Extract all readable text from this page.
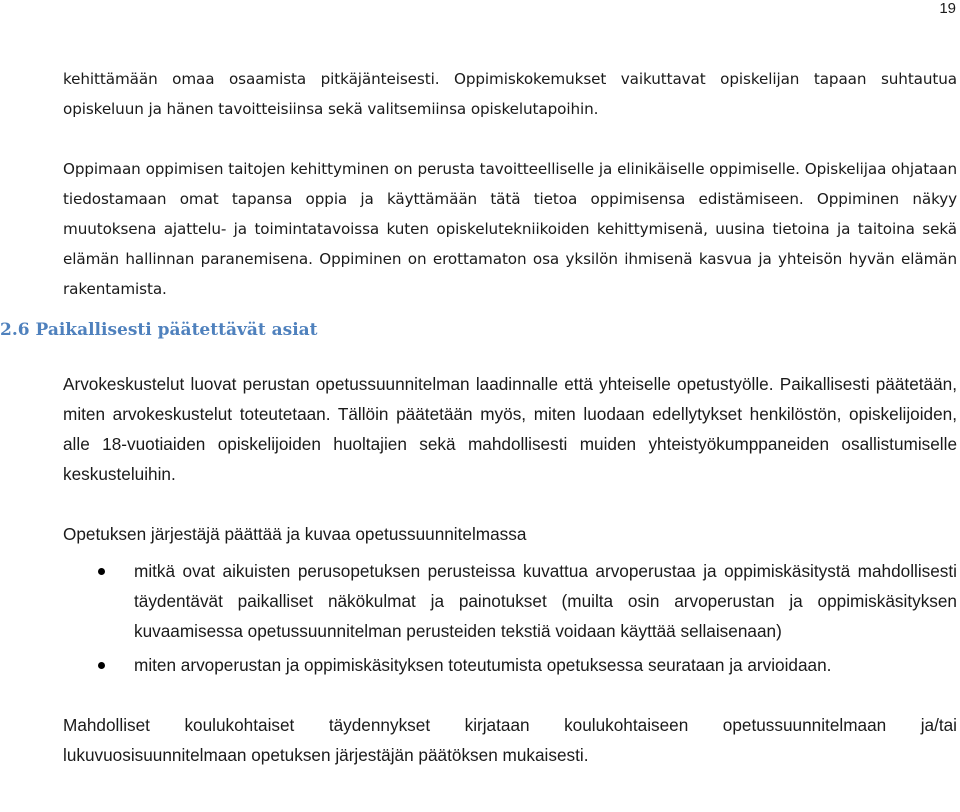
19

kehittämään omaa osaamista pitkäjänteisesti. Oppimiskokemukset vaikuttavat opiskelijan tapaan suhtautua opiskeluun ja hänen tavoitteisiinsa sekä valitsemiinsa opiskelutapoihin.

Oppimaan oppimisen taitojen kehittyminen on perusta tavoitteelliselle ja elinikäiselle oppimiselle. Opiskelijaa ohjataan tiedostamaan omat tapansa oppia ja käyttämään tätä tietoa oppimisensa edistämiseen. Oppiminen näkyy muutoksena ajattelu- ja toimintatavoissa kuten opiskelutekniikoiden kehittymisenä, uusina tietoina ja taitoina sekä elämän hallinnan paranemisena. Oppiminen on erottamaton osa yksilön ihmisenä kasvua ja yhteisön hyvän elämän rakentamista.

2.6 Paikallisesti päätettävät asiat

Arvokeskustelut luovat perustan opetussuunnitelman laadinnalle että yhteiselle opetustyölle. Paikallisesti päätetään, miten arvokeskustelut toteutetaan. Tällöin päätetään myös, miten luodaan edellytykset henkilöstön, opiskelijoiden, alle 18-vuotiaiden opiskelijoiden huoltajien sekä mahdollisesti muiden yhteistyökumppaneiden osallistumiselle keskusteluihin.

Opetuksen järjestäjä päättää ja kuvaa opetussuunnitelmassa

mitkä ovat aikuisten perusopetuksen perusteissa kuvattua arvoperustaa ja oppimiskäsitystä mahdollisesti täydentävät paikalliset näkökulmat ja painotukset (muilta osin arvoperustan ja oppimiskäsityksen kuvaamisessa opetussuunnitelman perusteiden tekstiä voidaan käyttää sellaisenaan)
miten arvoperustan ja oppimiskäsityksen toteutumista opetuksessa seurataan ja arvioidaan.

Mahdolliset koulukohtaiset täydennykset kirjataan koulukohtaiseen opetussuunnitelmaan ja/tai lukuvuosisuunnitelmaan opetuksen järjestäjän päätöksen mukaisesti.
